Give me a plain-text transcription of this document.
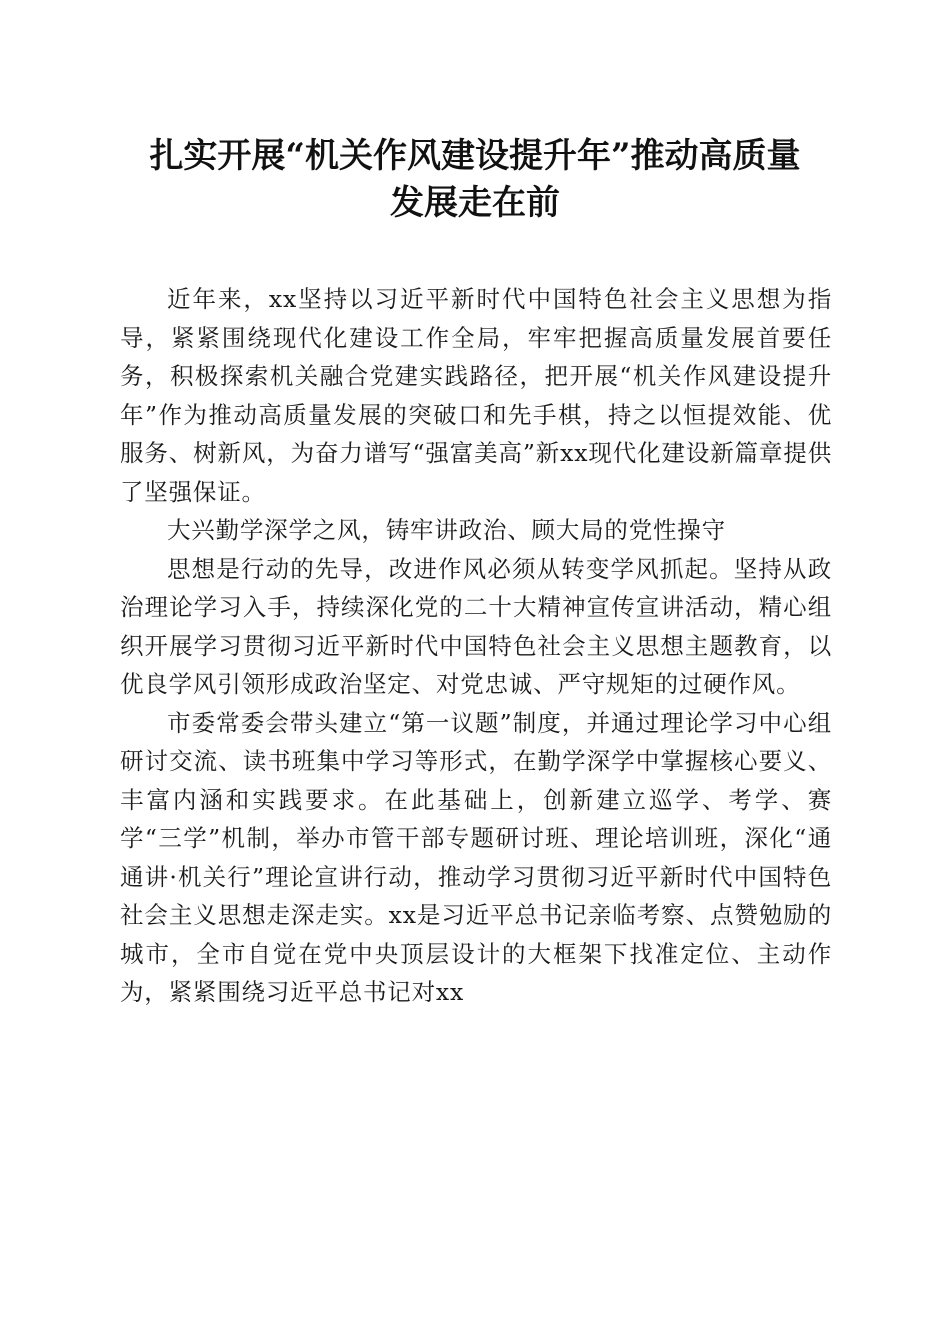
扎实开展“机关作风建设提升年”推动高质量
发展走在前

近年来，xx坚持以习近平新时代中国特色社会主义思想为指导，紧紧围绕现代化建设工作全局，牢牢把握高质量发展首要任务，积极探索机关融合党建实践路径，把开展“机关作风建设提升年”作为推动高质量发展的突破口和先手棋，持之以恒提效能、优服务、树新风，为奋力谱写“强富美高”新xx现代化建设新篇章提供了坚强保证。

大兴勤学深学之风，铸牢讲政治、顾大局的党性操守

思想是行动的先导，改进作风必须从转变学风抓起。坚持从政治理论学习入手，持续深化党的二十大精神宣传宣讲活动，精心组织开展学习贯彻习近平新时代中国特色社会主义思想主题教育，以优良学风引领形成政治坚定、对党忠诚、严守规矩的过硬作风。

市委常委会带头建立“第一议题”制度，并通过理论学习中心组研讨交流、读书班集中学习等形式，在勤学深学中掌握核心要义、丰富内涵和实践要求。在此基础上，创新建立巡学、考学、赛学“三学”机制，举办市管干部专题研讨班、理论培训班，深化“通通讲·机关行”理论宣讲行动，推动学习贯彻习近平新时代中国特色社会主义思想走深走实。xx是习近平总书记亲临考察、点赞勉励的城市，全市自觉在党中央顶层设计的大框架下找准定位、主动作为，紧紧围绕习近平总书记对xx
